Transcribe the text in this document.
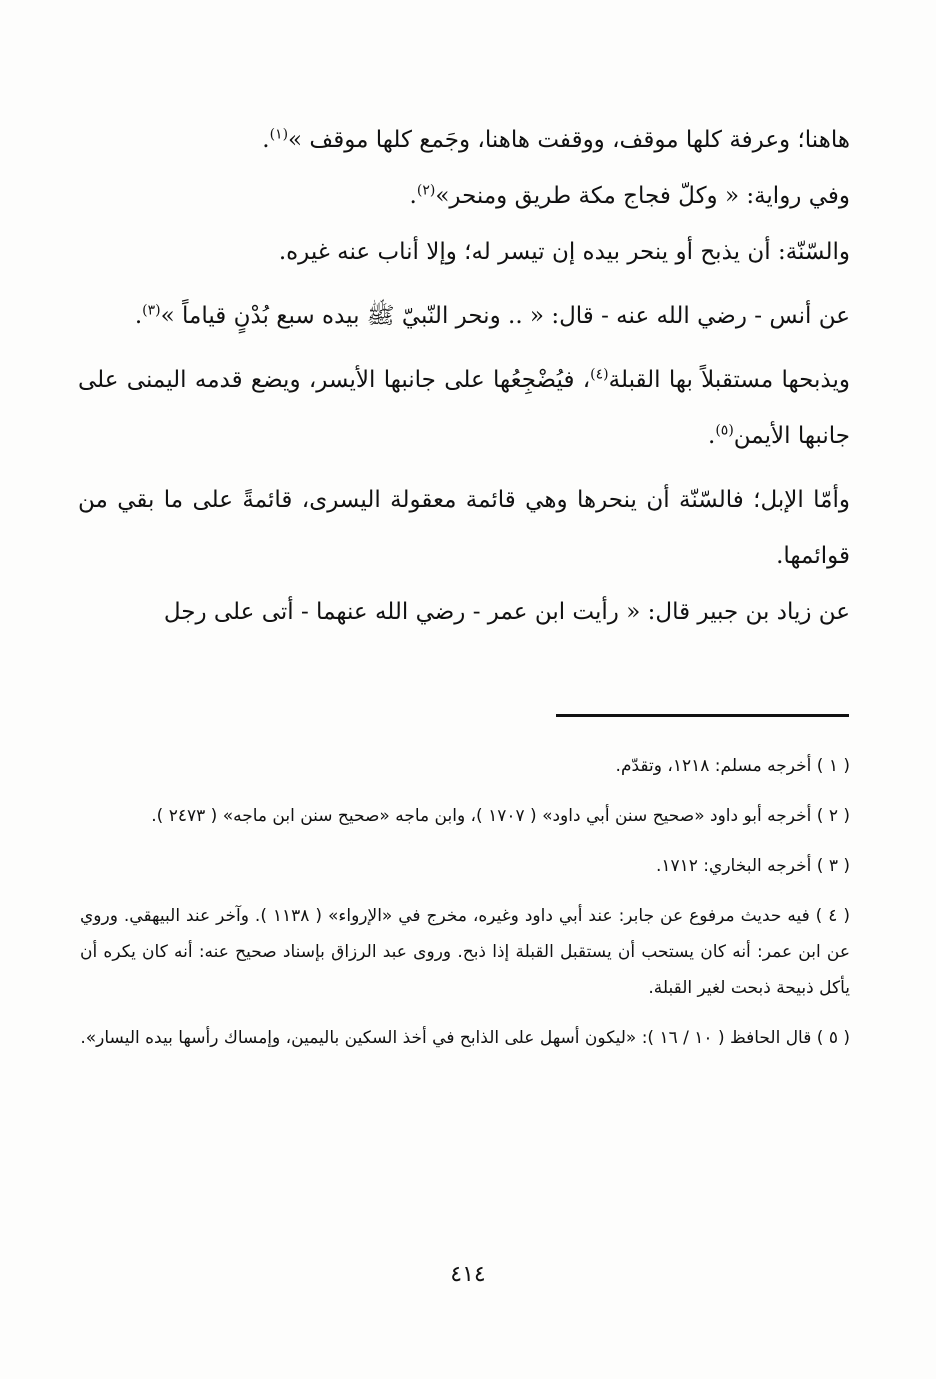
هاهنا؛ وعرفة كلها موقف، ووقفت هاهنا، وجَمع كلها موقف »$^{(١)}$.

وفي رواية: « وكلّ فجاج مكة طريق ومنحر»$^{(٢)}$.

والسّنّة: أن يذبح أو ينحر بيده إن تيسر له؛ وإلا أناب عنه غيره.

عن أنس - رضي الله عنه - قال: « .. ونحر النّبيّ ﷺ بيده سبع بُدْنٍ قياماً »$^{(٣)}$.

ويذبحها مستقبلاً بها القبلة$^{(٤)}$، فيُضْجِعُها على جانبها الأيسر، ويضع قدمه اليمنى على جانبها الأيمن$^{(٥)}$.

وأمّا الإبل؛ فالسّنّة أن ينحرها وهي قائمة معقولة اليسرى، قائمةً على ما بقي من قوائمها.

عن زياد بن جبير قال: « رأيت ابن عمر - رضي الله عنهما - أتى على رجل

( ١ ) أخرجه مسلم: ١٢١٨، وتقدّم.

( ٢ ) أخرجه أبو داود «صحيح سنن أبي داود» ( ١٧٠٧ )، وابن ماجه «صحيح سنن ابن ماجه» ( ٢٤٧٣ ).

( ٣ ) أخرجه البخاري: ١٧١٢.

( ٤ ) فيه حديث مرفوع عن جابر: عند أبي داود وغيره، مخرج في «الإرواء» ( ١١٣٨ ). وآخر عند البيهقي. وروي عن ابن عمر: أنه كان يستحب أن يستقبل القبلة إذا ذبح. وروى عبد الرزاق بإسناد صحيح عنه: أنه كان يكره أن يأكل ذبيحة ذبحت لغير القبلة.

( ٥ ) قال الحافظ ( ١٠ / ١٦ ): «ليكون أسهل على الذابح في أخذ السكين باليمين، وإمساك رأسها بيده اليسار».

٤١٤
